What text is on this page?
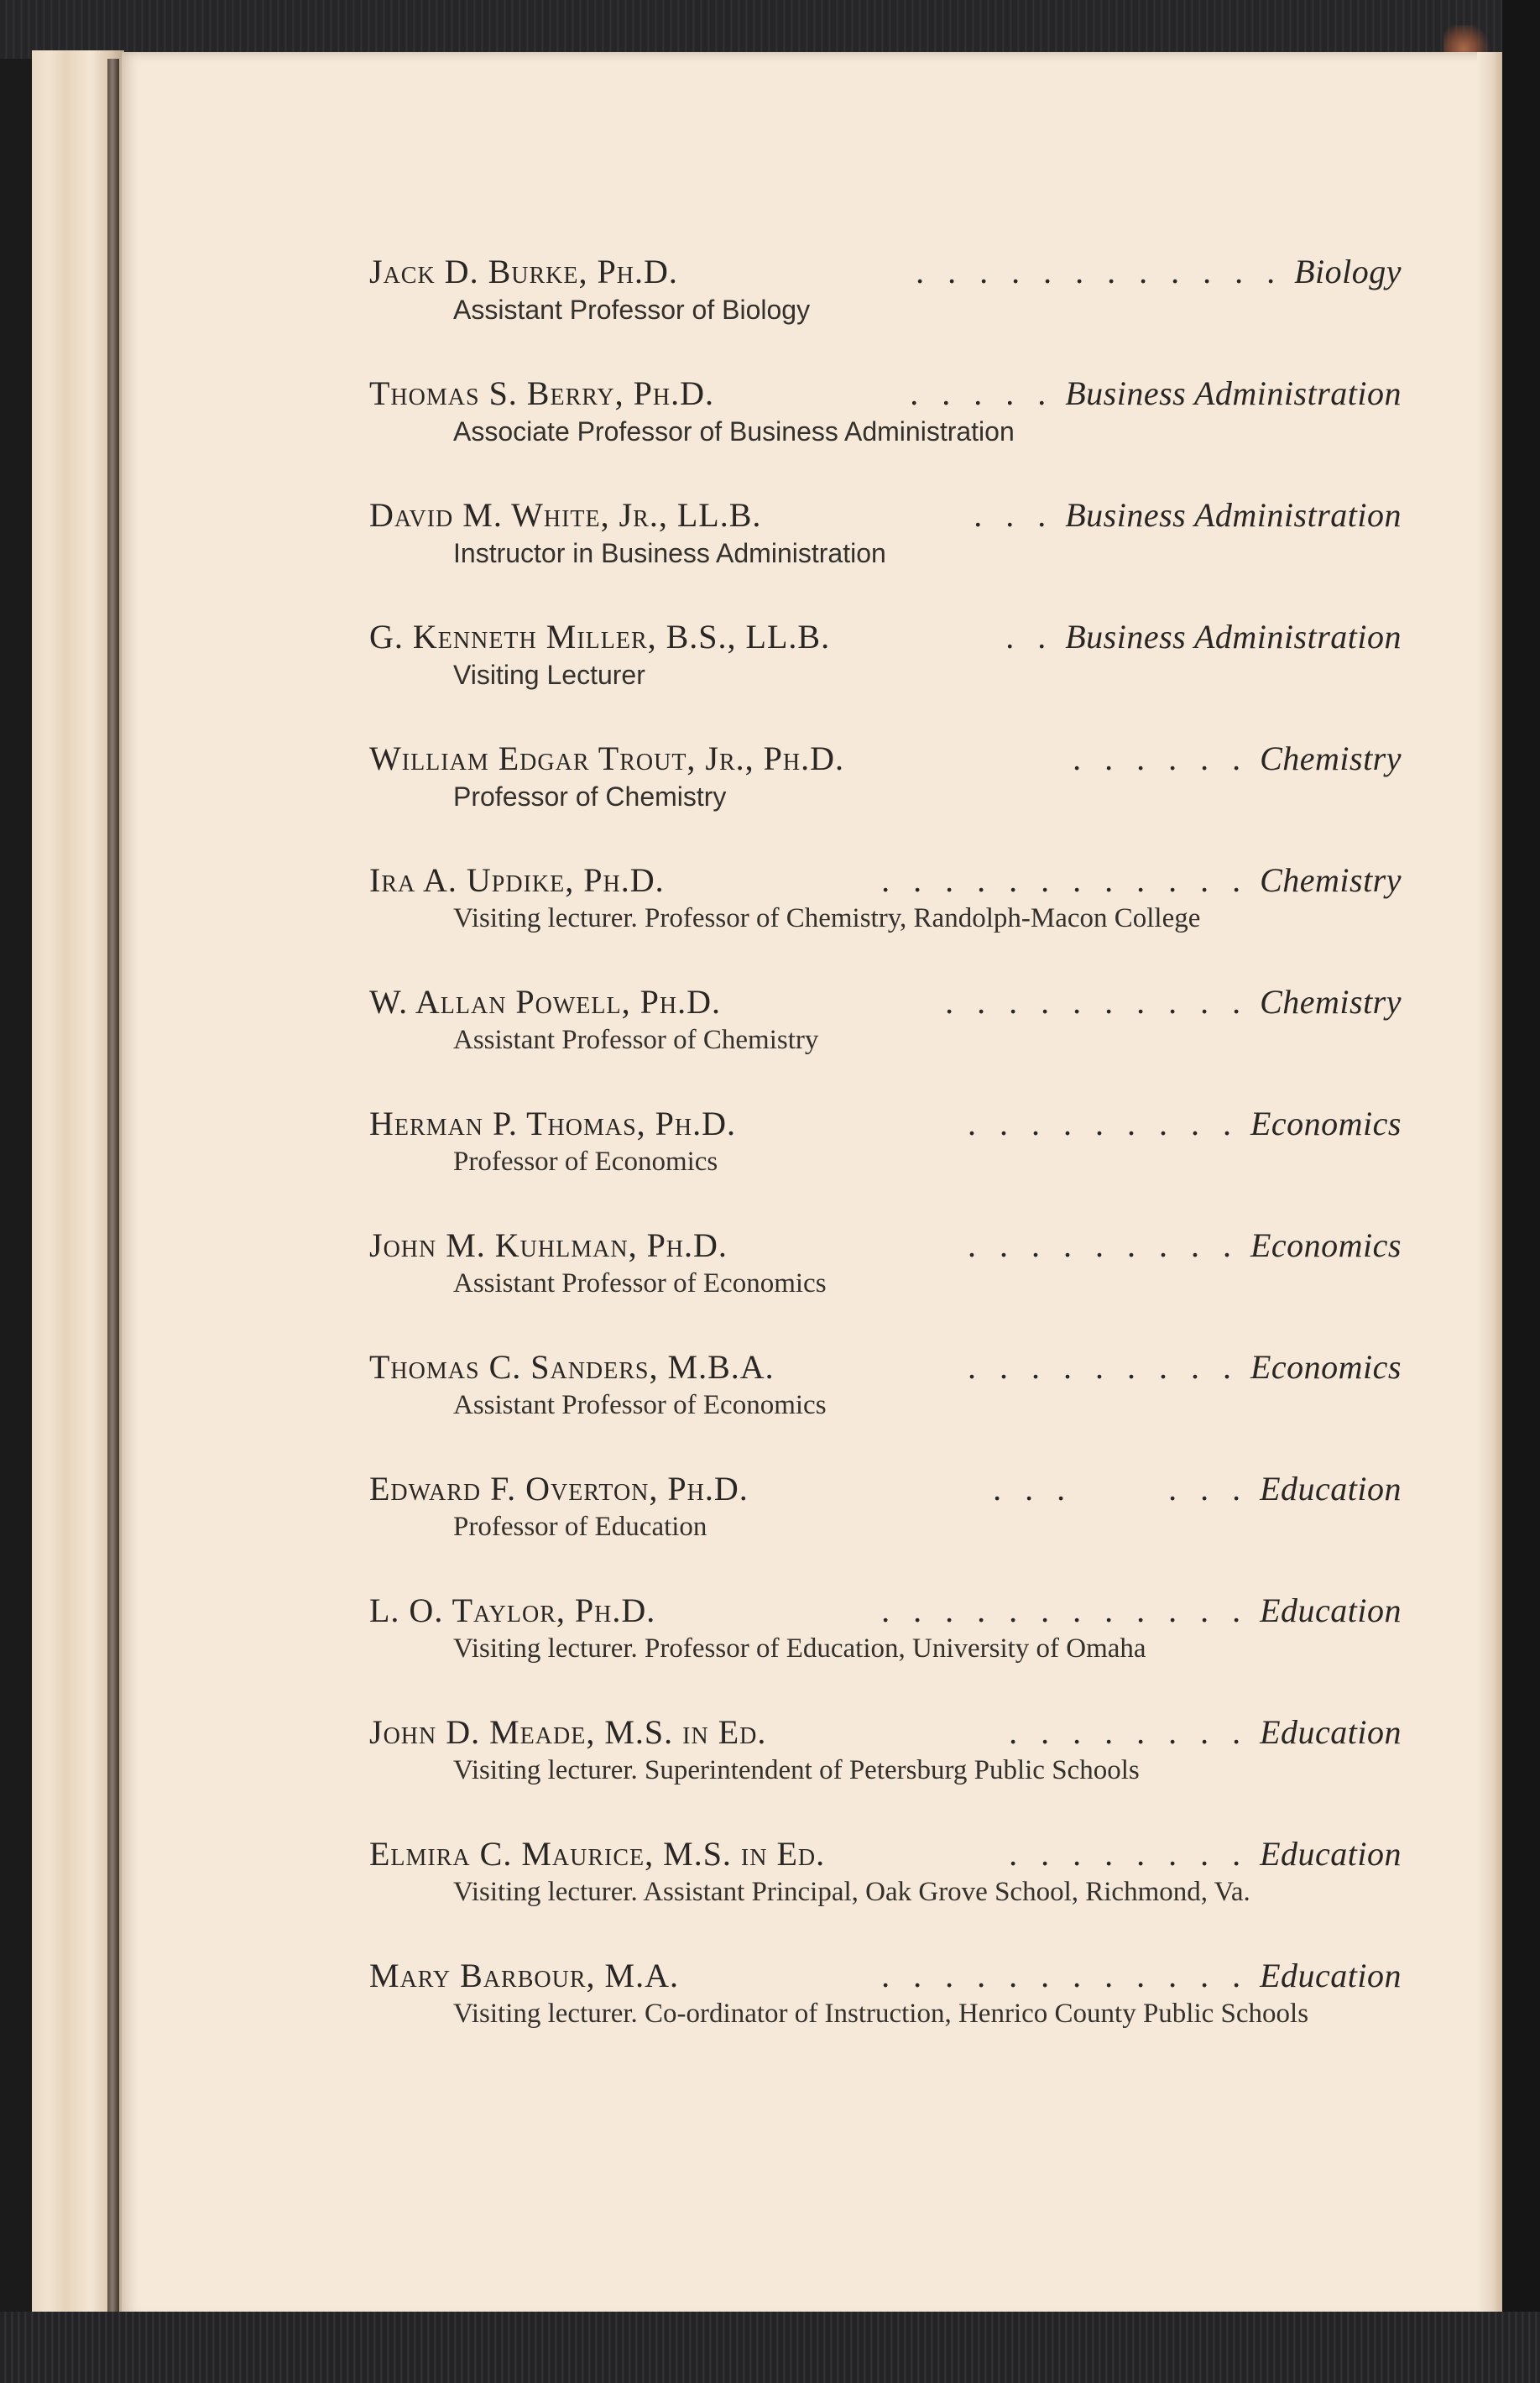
Jack D. Burke, Ph.D.	. . . . . . . . . . . . Biology
Assistant Professor of Biology
Thomas S. Berry, Ph.D.	. . . . . Business Administration
Associate Professor of Business Administration
David M. White, Jr., LL.B.	. . . Business Administration
Instructor in Business Administration
G. Kenneth Miller, B.S., LL.B.	. . Business Administration
Visiting Lecturer
William Edgar Trout, Jr., Ph.D.	. . . . . . Chemistry
Professor of Chemistry
Ira A. Updike, Ph.D.	. . . . . . . . . . . . Chemistry
Visiting lecturer. Professor of Chemistry, Randolph-Macon College
W. Allan Powell, Ph.D.	. . . . . . . . . . Chemistry
Assistant Professor of Chemistry
Herman P. Thomas, Ph.D.	. . . . . . . . . Economics
Professor of Economics
John M. Kuhlman, Ph.D.	. . . . . . . . . Economics
Assistant Professor of Economics
Thomas C. Sanders, M.B.A.	. . . . . . . . . Economics
Assistant Professor of Economics
Edward F. Overton, Ph.D.	. . .      . . . Education
Professor of Education
L. O. Taylor, Ph.D.	. . . . . . . . . . . . Education
Visiting lecturer. Professor of Education, University of Omaha
John D. Meade, M.S. in Ed.	. . . . . . . . Education
Visiting lecturer. Superintendent of Petersburg Public Schools
Elmira C. Maurice, M.S. in Ed.	. . . . . . . . Education
Visiting lecturer. Assistant Principal, Oak Grove School, Richmond, Va.
Mary Barbour, M.A.	. . . . . . . . . . . . Education
Visiting lecturer. Co-ordinator of Instruction, Henrico County Public Schools
